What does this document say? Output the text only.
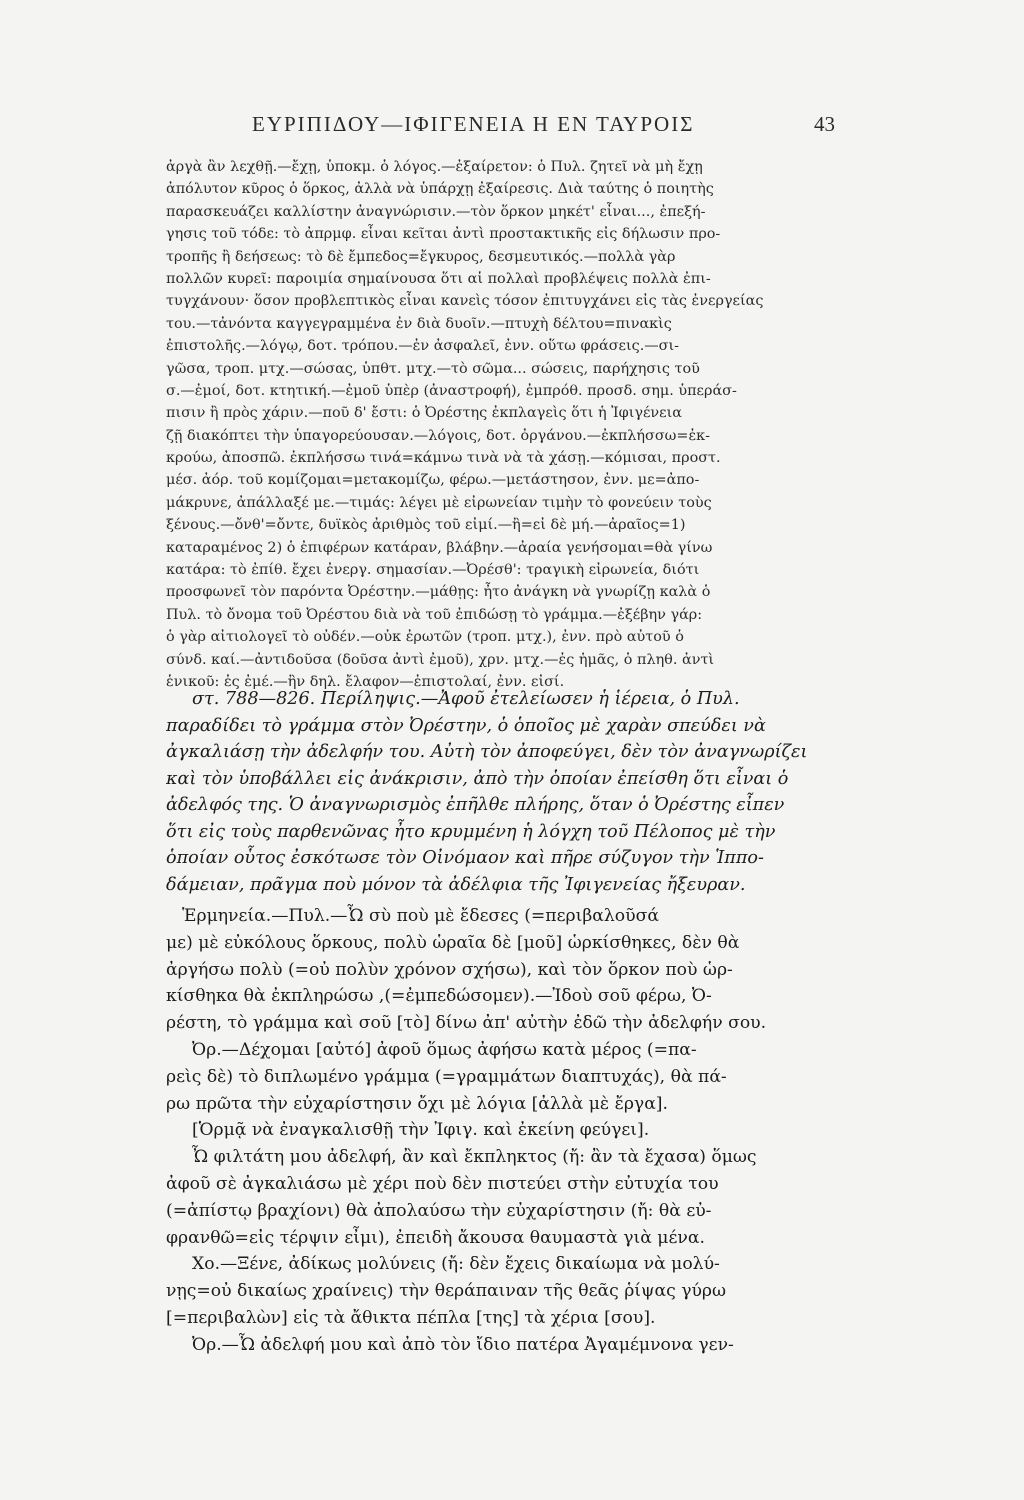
ΕΥΡΙΠΙΔΟΥ—ΙΦΙΓΕΝΕΙΑ Η ΕΝ ΤΑΥΡΟΙΣ	43
ἀργὰ ἂν λεχθῇ.—ἔχῃ, ὑποκμ. ὁ λόγος.—ἐξαίρετον: ὁ Πυλ. ζητεῖ νὰ μὴ ἔχῃ
ἀπόλυτον κῦρος ὁ ὅρκος, ἀλλὰ νὰ ὑπάρχῃ ἐξαίρεσις. Διὰ ταύτης ὁ ποιητὴς
παρασκευάζει καλλίστην ἀναγνώρισιν.—τὸν ὅρκον μηκέτ' εἶναι..., ἐπεξή-
γησις τοῦ τόδε: τὸ ἀπρμφ. εἶναι κεῖται ἀντὶ προστακτικῆς εἰς δήλωσιν προ-
τροπῆς ἢ δεήσεως: τὸ δὲ ἔμπεδος=ἔγκυρος, δεσμευτικός.—πολλὰ γὰρ
πολλῶν κυρεῖ: παροιμία σημαίνουσα ὅτι αἱ πολλαὶ προβλέψεις πολλὰ ἐπι-
τυγχάνουν· ὅσον προβλεπτικὸς εἶναι κανεὶς τόσον ἐπιτυγχάνει εἰς τὰς ἐνεργείας
του.—τἀνόντα καγγεγραμμένα ἐν διὰ δυοῖν.—πτυχὴ δέλτου=πινακὶς
ἐπιστολῆς.—λόγῳ, δοτ. τρόπου.—ἐν ἀσφαλεῖ, ἐνν. οὕτω φράσεις.—σι-
γῶσα, τροπ. μτχ.—σώσας, ὑπθτ. μτχ.—τὸ σῶμα... σώσεις, παρήχησις τοῦ
σ.—ἐμοί, δοτ. κτητική.—ἐμοῦ ὑπὲρ (ἀναστροφή), ἐμπρόθ. προσδ. σημ. ὑπεράσ-
πισιν ἢ πρὸς χάριν.—ποῦ δ' ἔστι: ὁ Ὀρέστης ἐκπλαγεὶς ὅτι ἡ Ἰφιγένεια
ζῇ διακόπτει τὴν ὑπαγορεύουσαν.—λόγοις, δοτ. ὀργάνου.—ἐκπλήσσω=ἐκ-
κρούω, ἀποσπῶ. ἐκπλήσσω τινά=κάμνω τινὰ νὰ τὰ χάσῃ.—κόμισαι, προστ.
μέσ. ἀόρ. τοῦ κομίζομαι=μετακομίζω, φέρω.—μετάστησον, ἐνν. με=ἀπο-
μάκρυνε, ἀπάλλαξέ με.—τιμάς: λέγει μὲ εἰρωνείαν τιμὴν τὸ φονεύειν τοὺς
ξένους.—ὄνθ'=ὄντε, δυϊκὸς ἀριθμὸς τοῦ εἰμί.—ἢ=εἰ δὲ μή.—ἀραῖος=1)
καταραμένος 2) ὁ ἐπιφέρων κατάραν, βλάβην.—ἀραία γενήσομαι=θὰ γίνω
κατάρα: τὸ ἐπίθ. ἔχει ἐνεργ. σημασίαν.—Ὀρέσθ': τραγικὴ εἰρωνεία, διότι
προσφωνεῖ τὸν παρόντα Ὀρέστην.—μάθῃς: ἦτο ἀνάγκη νὰ γνωρίζῃ καλὰ ὁ
Πυλ. τὸ ὄνομα τοῦ Ὀρέστου διὰ νὰ τοῦ ἐπιδώσῃ τὸ γράμμα.—ἐξέβην γάρ:
ὁ γὰρ αἰτιολογεῖ τὸ οὐδέν.—οὐκ ἐρωτῶν (τροπ. μτχ.), ἐνν. πρὸ αὐτοῦ ὁ
σύνδ. καί.—ἀντιδοῦσα (δοῦσα ἀντὶ ἐμοῦ), χρν. μτχ.—ἐς ἡμᾶς, ὁ πληθ. ἀντὶ
ἑνικοῦ: ἐς ἐμέ.—ἣν δηλ. ἔλαφον—ἐπιστολαί, ἐνν. εἰσί.
στ. 788—826. Περίληψις.—Ἀφοῦ ἐτελείωσεν ἡ ἱέρεια, ὁ Πυλ.
παραδίδει τὸ γράμμα στὸν Ὀρέστην, ὁ ὁποῖος μὲ χαρὰν σπεύδει νὰ
ἀγκαλιάσῃ τὴν ἀδελφήν του. Αὐτὴ τὸν ἀποφεύγει, δὲν τὸν ἀναγνωρίζει
καὶ τὸν ὑποβάλλει εἰς ἀνάκρισιν, ἀπὸ τὴν ὁποίαν ἐπείσθη ὅτι εἶναι ὁ
ἀδελφός της. Ὁ ἀναγνωρισμὸς ἐπῆλθε πλήρης, ὅταν ὁ Ὀρέστης εἶπεν
ὅτι εἰς τοὺς παρθενῶνας ἦτο κρυμμένη ἡ λόγχη τοῦ Πέλοπος μὲ τὴν
ὁποίαν οὗτος ἐσκότωσε τὸν Οἰνόμαον καὶ πῆρε σύζυγον τὴν Ἱππο-
δάμειαν, πρᾶγμα ποὺ μόνον τὰ ἀδέλφια τῆς Ἰφιγενείας ἤξευραν.
Ἑρμηνεία.—Πυλ.—Ὦ σὺ ποὺ μὲ ἔδεσες (=περιβαλοῦσά
με) μὲ εὐκόλους ὅρκους, πολὺ ὡραῖα δὲ [μοῦ] ὡρκίσθηκες, δὲν θὰ
ἀργήσω πολὺ (=οὐ πολὺν χρόνον σχήσω), καὶ τὸν ὅρκον ποὺ ὡρ-
κίσθηκα θὰ ἐκπληρώσω ,(=ἐμπεδώσομεν).—Ἰδοὺ σοῦ φέρω, Ὀ-
ρέστη, τὸ γράμμα καὶ σοῦ [τὸ] δίνω ἀπ' αὐτὴν ἐδῶ τὴν ἀδελφήν σου.
Ὀρ.—Δέχομαι [αὐτό] ἀφοῦ ὅμως ἀφήσω κατὰ μέρος (=πα-
ρεὶς δὲ) τὸ διπλωμένο γράμμα (=γραμμάτων διαπτυχάς), θὰ πά-
ρω πρῶτα τὴν εὐχαρίστησιν ὄχι μὲ λόγια [ἀλλὰ μὲ ἔργα].
[Ὁρμᾷ νὰ ἐναγκαλισθῇ τὴν Ἰφιγ. καὶ ἐκείνη φεύγει].
Ὦ φιλτάτη μου ἀδελφή, ἂν καὶ ἔκπληκτος (ἤ: ἂν τὰ ἔχασα) ὅμως
ἀφοῦ σὲ ἀγκαλιάσω μὲ χέρι ποὺ δὲν πιστεύει στὴν εὐτυχία του
(=ἀπίστῳ βραχίονι) θὰ ἀπολαύσω τὴν εὐχαρίστησιν (ἤ: θὰ εὐ-
φρανθῶ=εἰς τέρψιν εἶμι), ἐπειδὴ ἄκουσα θαυμαστὰ γιὰ μένα.
Χο.—Ξένε, ἀδίκως μολύνεις (ἤ: δὲν ἔχεις δικαίωμα νὰ μολύ-
νῃς=οὐ δικαίως χραίνεις) τὴν θεράπαιναν τῆς θεᾶς ῥίψας γύρω
[=περιβαλὼν] εἰς τὰ ἄθικτα πέπλα [της] τὰ χέρια [σου].
Ὀρ.—Ὦ ἀδελφή μου καὶ ἀπὸ τὸν ἴδιο πατέρα Ἀγαμέμνονα γεν-
